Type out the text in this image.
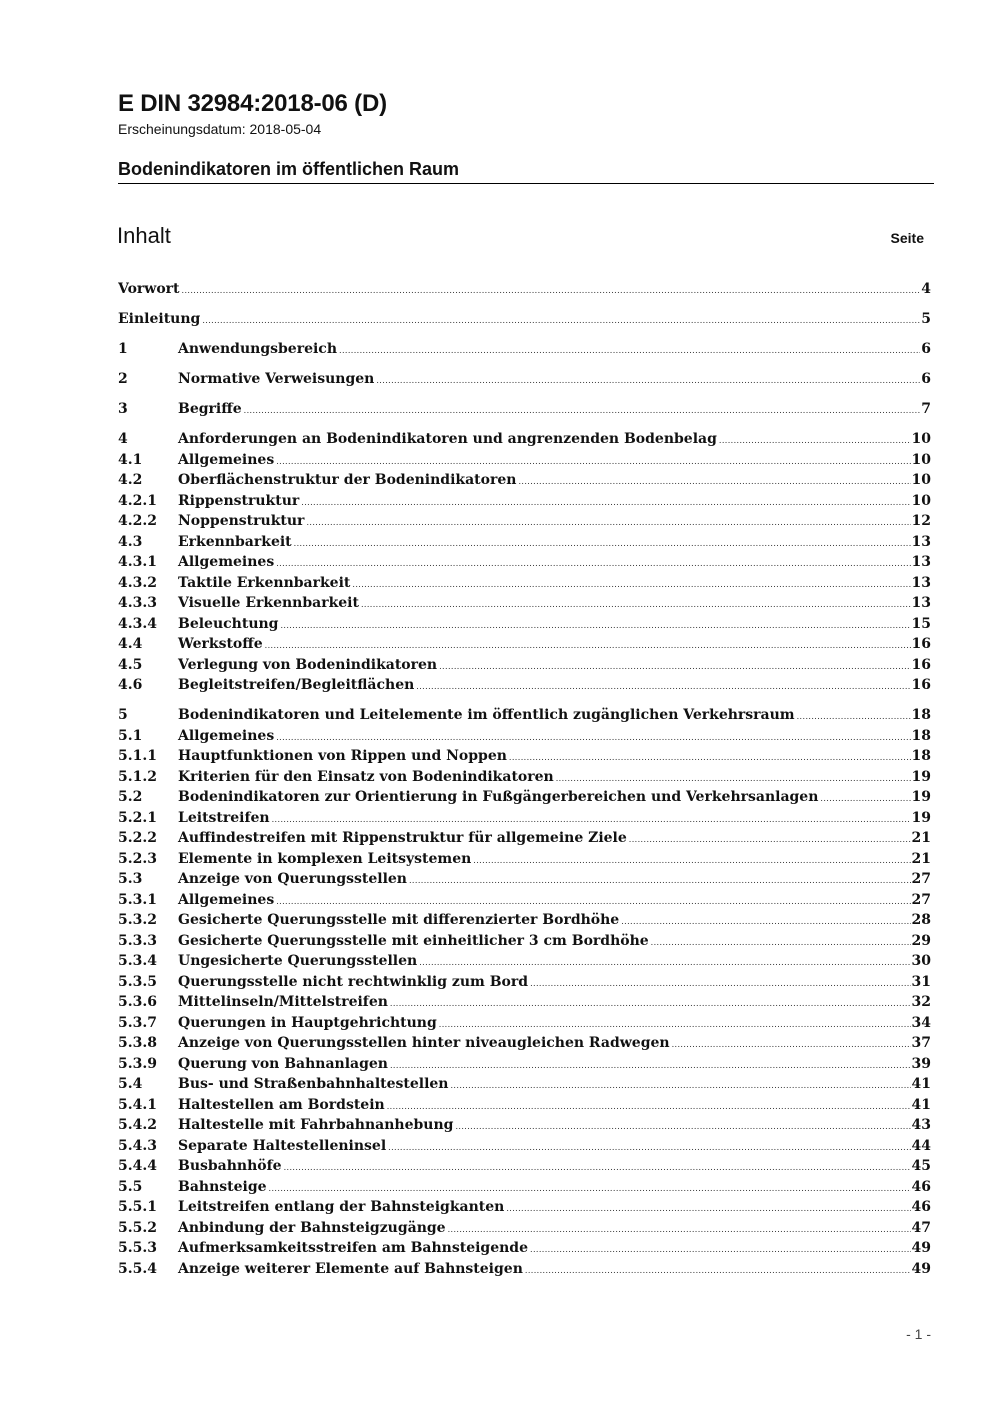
E DIN 32984:2018-06 (D)
Erscheinungsdatum: 2018-05-04
Bodenindikatoren im öffentlichen Raum
Inhalt	Seite
Vorwort .....	4
Einleitung .....	5
1	Anwendungsbereich .....	6
2	Normative Verweisungen .....	6
3	Begriffe .....	7
4	Anforderungen an Bodenindikatoren und angrenzenden Bodenbelag .....	10
4.1	Allgemeines .....	10
4.2	Oberflächenstruktur der Bodenindikatoren .....	10
4.2.1	Rippenstruktur .....	10
4.2.2	Noppenstruktur .....	12
4.3	Erkennbarkeit .....	13
4.3.1	Allgemeines .....	13
4.3.2	Taktile Erkennbarkeit .....	13
4.3.3	Visuelle Erkennbarkeit .....	13
4.3.4	Beleuchtung .....	15
4.4	Werkstoffe .....	16
4.5	Verlegung von Bodenindikatoren .....	16
4.6	Begleitstreifen/Begleitflächen .....	16
5	Bodenindikatoren und Leitelemente im öffentlich zugänglichen Verkehrsraum .....	18
5.1	Allgemeines .....	18
5.1.1	Hauptfunktionen von Rippen und Noppen .....	18
5.1.2	Kriterien für den Einsatz von Bodenindikatoren .....	19
5.2	Bodenindikatoren zur Orientierung in Fußgängerbereichen und Verkehrsanlagen .....	19
5.2.1	Leitstreifen .....	19
5.2.2	Auffindestreifen mit Rippenstruktur für allgemeine Ziele .....	21
5.2.3	Elemente in komplexen Leitsystemen .....	21
5.3	Anzeige von Querungsstellen .....	27
5.3.1	Allgemeines .....	27
5.3.2	Gesicherte Querungsstelle mit differenzierter Bordhöhe .....	28
5.3.3	Gesicherte Querungsstelle mit einheitlicher 3 cm Bordhöhe .....	29
5.3.4	Ungesicherte Querungsstellen .....	30
5.3.5	Querungsstelle nicht rechtwinklig zum Bord .....	31
5.3.6	Mittelinseln/Mittelstreifen .....	32
5.3.7	Querungen in Hauptgehrichtung .....	34
5.3.8	Anzeige von Querungsstellen hinter niveaugleichen Radwegen .....	37
5.3.9	Querung von Bahnanlagen .....	39
5.4	Bus- und Straßenbahnhaltestellen .....	41
5.4.1	Haltestellen am Bordstein .....	41
5.4.2	Haltestelle mit Fahrbahnanhebung .....	43
5.4.3	Separate Haltestelleninsel .....	44
5.4.4	Busbahnhöfe .....	45
5.5	Bahnsteige .....	46
5.5.1	Leitstreifen entlang der Bahnsteigkanten .....	46
5.5.2	Anbindung der Bahnsteigzugänge .....	47
5.5.3	Aufmerksamkeitsstreifen am Bahnsteigende .....	49
5.5.4	Anzeige weiterer Elemente auf Bahnsteigen .....	49
- 1 -
